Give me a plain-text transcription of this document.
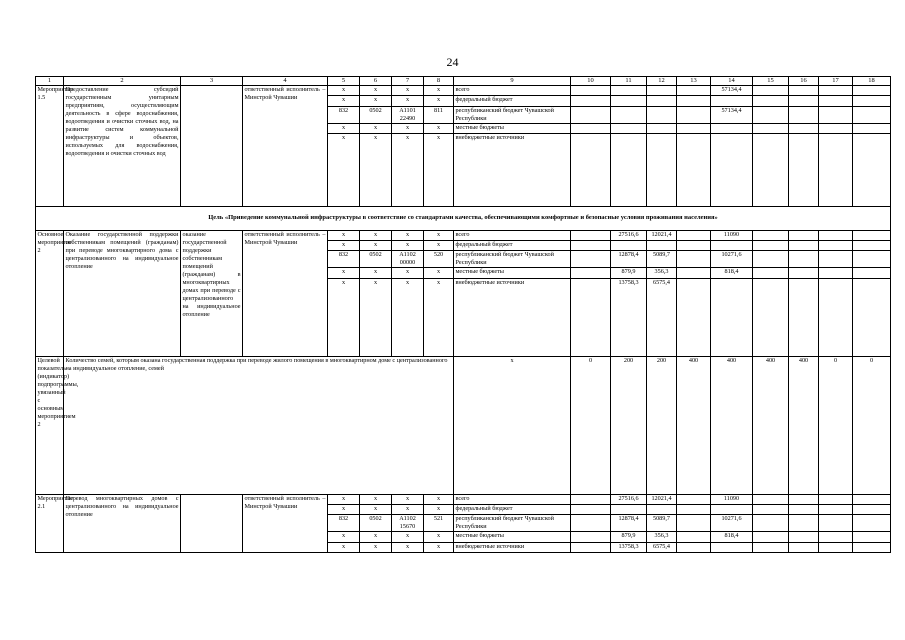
24
1	2	3	4	5	6	7	8	9	10	11	12	13	14	15	16	17	18
Мероприятие 1.5	Предоставление субсидий государственным унитарным предприятиям, осуществляющим деятельность в сфере водоснабжения, водоотведения и очистки сточных вод, на развитие систем коммунальной инфраструктуры и объектов, используемых для водоснабжения, водоотведения и очистки сточных вод		ответственный исполнитель – Минстрой Чувашии	x	x	x	x	всего					57134,4				
				x	x	x	x	федеральный бюджет									
				832	0502	А1101 22490	811	республиканский бюджет Чувашской Республики					57134,4				
				x	x	x	x	местные бюджеты									
				x	x	x	x	внебюджетные источники									
Цель «Приведение коммунальной инфраструктуры в соответствие со стандартами качества, обеспечивающими комфортные и безопасные условия проживания населения»																	
Основное мероприятие 2	Оказание государственной поддержки собственникам помещений (гражданам) при переводе многоквартирного дома с централизованного на индивидуальное отопление	оказание государственной поддержки собственникам помещений (гражданам) в многоквартирных домах при переводе с централизованного на индивидуальное отопление	ответственный исполнитель – Минстрой Чувашии	x	x	x	x	всего		27516,6	12021,4		11090				
				x	x	x	x	федеральный бюджет									
				832	0502	А1102 00000	520	республиканский бюджет Чувашской Республики		12878,4	5089,7		10271,6				
				x	x	x	x	местные бюджеты		879,9	356,3		818,4				
				x	x	x	x	внебюджетные источники		13758,3	6575,4						
Целевой показатель (индикатор) подпрограммы, увязанный с основным мероприятием 2	Количество семей, которым оказана государственная поддержка при переводе жилого помещения в многоквартирном доме с централизованного на индивидуальное отопление, семей							x	0	200	200	400	400	400	400	0	0
Мероприятие 2.1	Перевод многоквартирных домов с централизованного на индивидуальное отопление		ответственный исполнитель – Минстрой Чувашии	x	x	x	x	всего		27516,6	12021,4		11090				
				x	x	x	x	федеральный бюджет									
				832	0502	А1102 15670	521	республиканский бюджет Чувашской Республики		12878,4	5089,7		10271,6				
				x	x	x	x	местные бюджеты		879,9	356,3		818,4				
				x	x	x	x	внебюджетные источники		13758,3	6575,4						
